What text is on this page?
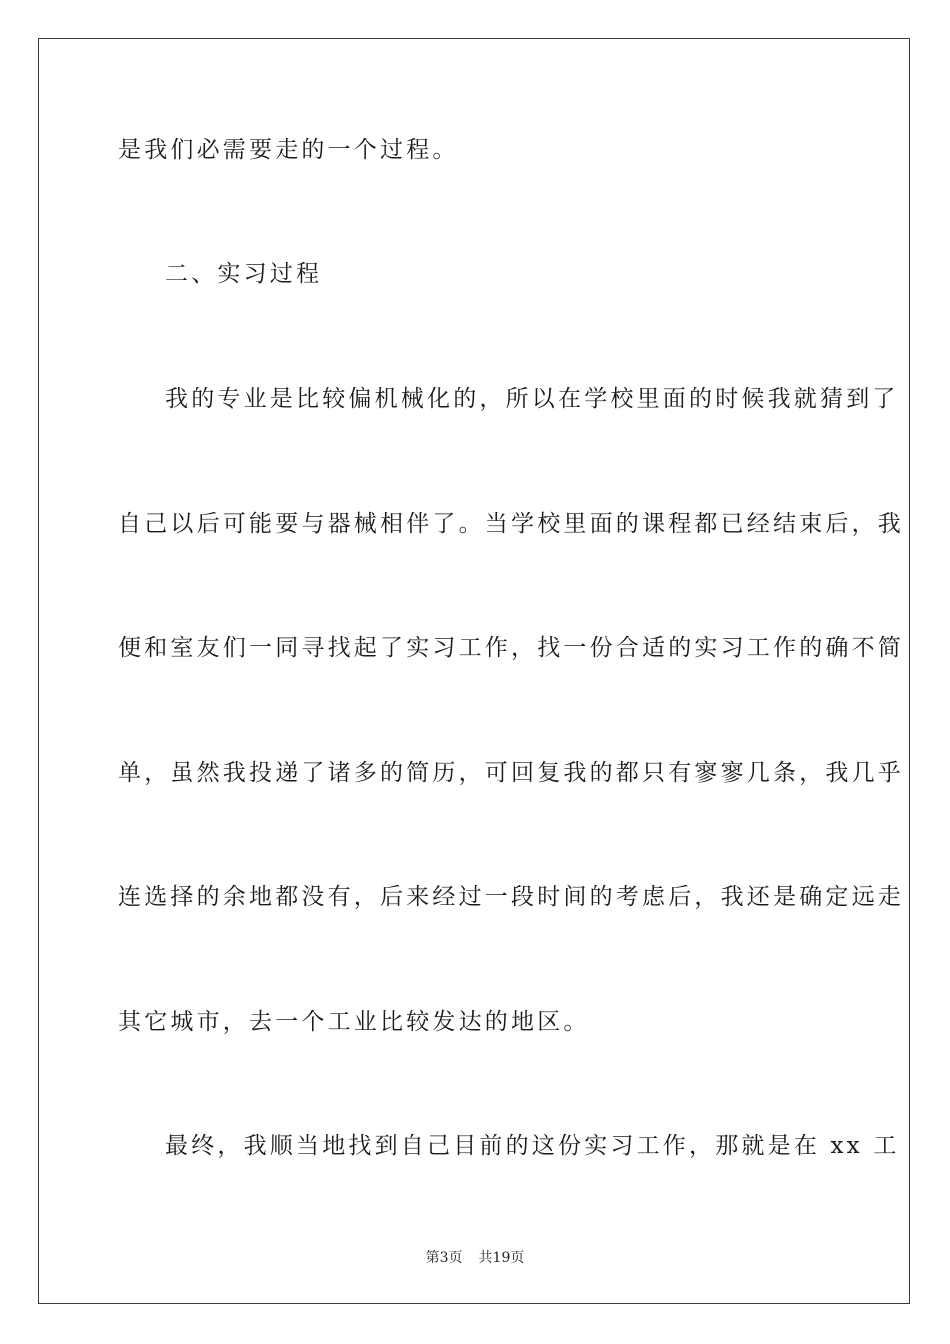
是我们必需要走的一个过程。
二、实习过程
我的专业是比较偏机械化的，所以在学校里面的时候我就猜到了
自己以后可能要与器械相伴了。当学校里面的课程都已经结束后，我
便和室友们一同寻找起了实习工作，找一份合适的实习工作的确不简
单，虽然我投递了诸多的简历，可回复我的都只有寥寥几条，我几乎
连选择的余地都没有，后来经过一段时间的考虑后，我还是确定远走
其它城市，去一个工业比较发达的地区。
最终，我顺当地找到自己目前的这份实习工作，那就是在 xx 工
第3页 共19页
